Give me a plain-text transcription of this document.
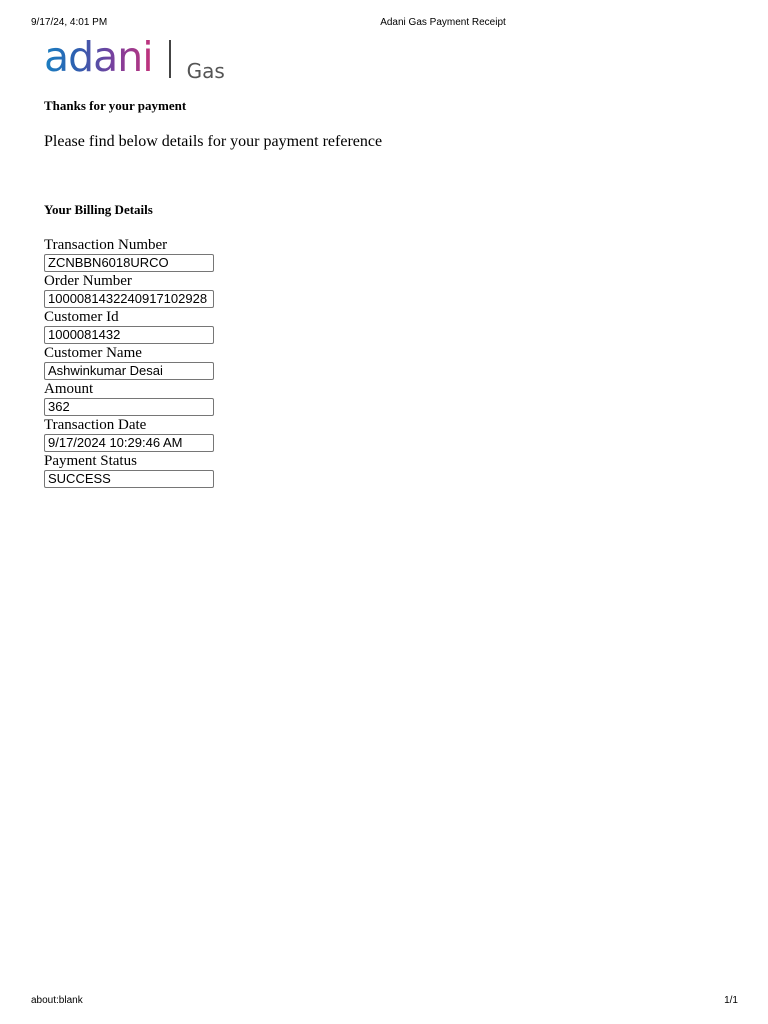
9/17/24, 4:01 PM	Adani Gas Payment Receipt
adani Gas
Thanks for your payment
Please find below details for your payment reference
Your Billing Details
Transaction Number
ZCNBBN6018URCO
Order Number
1000081432240917102928
Customer Id
1000081432
Customer Name
Ashwinkumar Desai
Amount
362
Transaction Date
9/17/2024 10:29:46 AM
Payment Status
SUCCESS
about:blank	1/1
